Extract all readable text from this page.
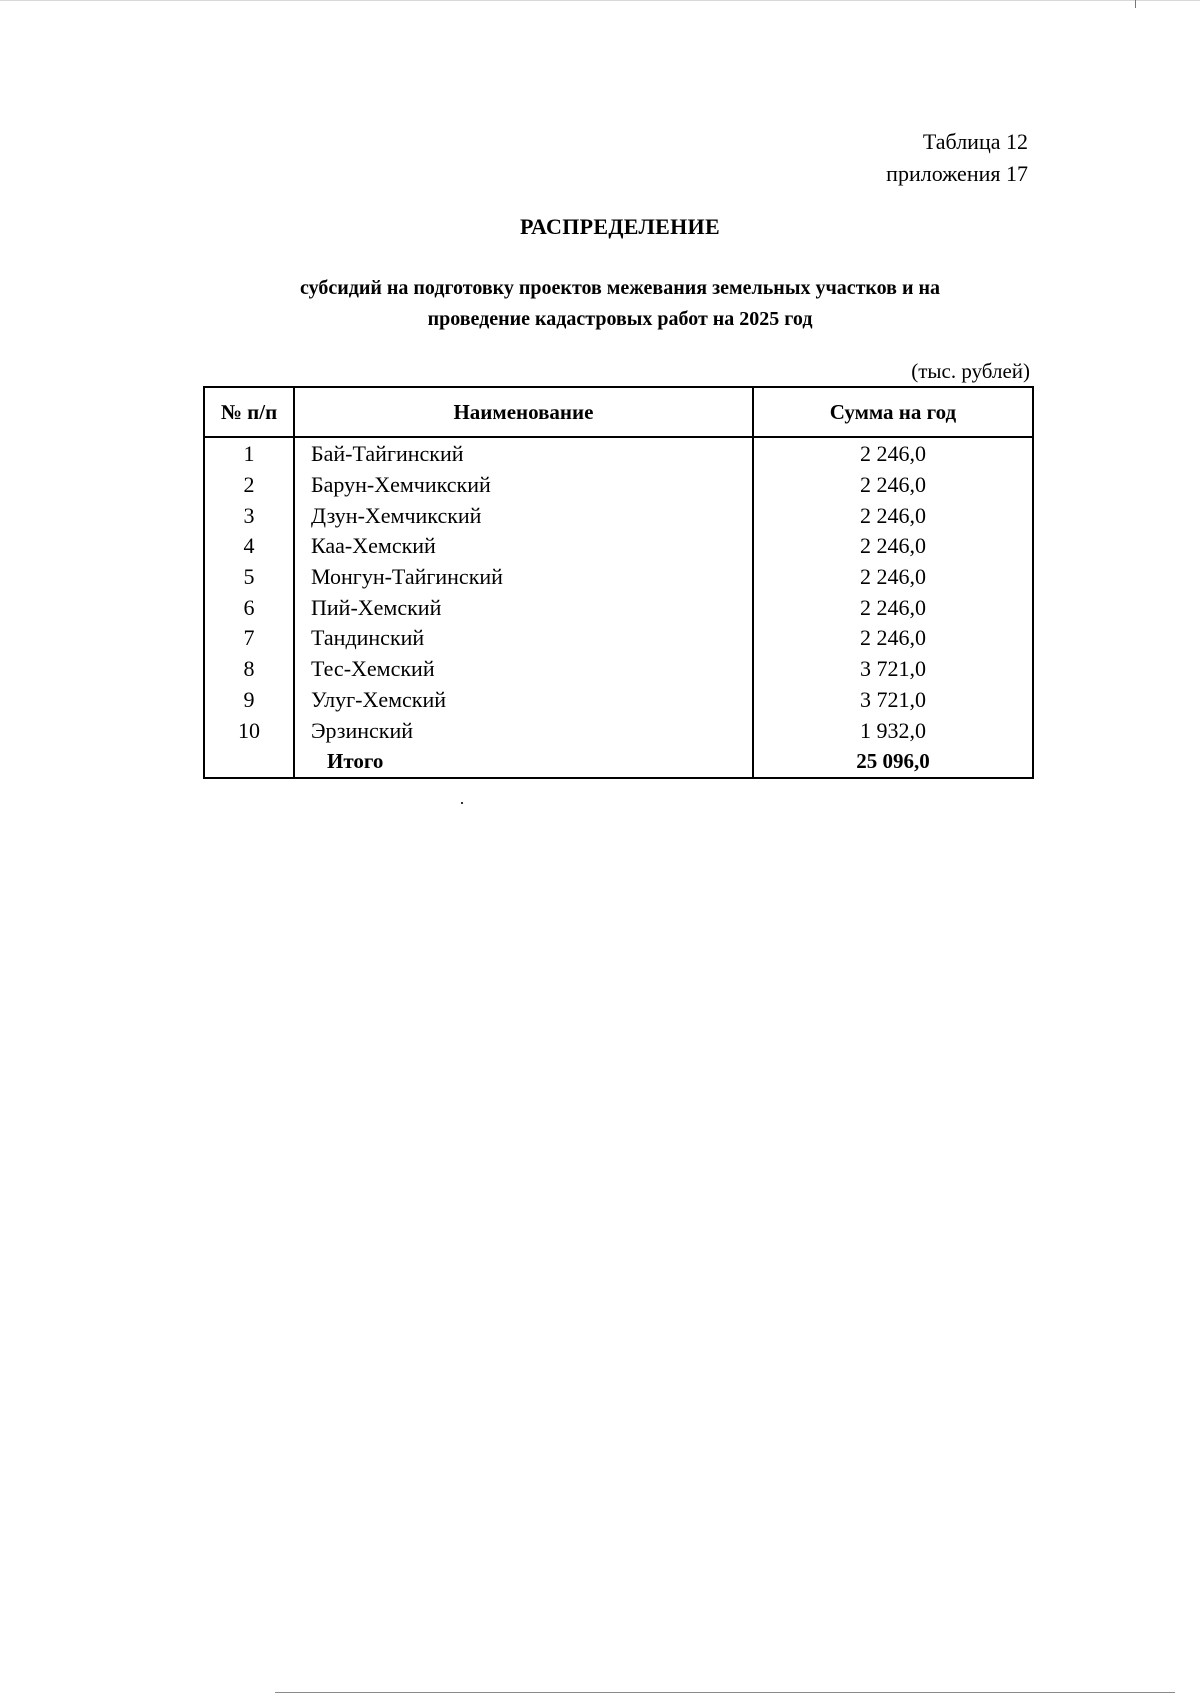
Таблица 12
приложения 17
РАСПРЕДЕЛЕНИЕ
субсидий на подготовку проектов межевания земельных участков и на
проведение кадастровых работ на 2025 год
(тыс. рублей)
№ п/п	Наименование	Сумма на год
1	Бай-Тайгинский	2 246,0
2	Барун-Хемчикский	2 246,0
3	Дзун-Хемчикский	2 246,0
4	Каа-Хемский	2 246,0
5	Монгун-Тайгинский	2 246,0
6	Пий-Хемский	2 246,0
7	Тандинский	2 246,0
8	Тес-Хемский	3 721,0
9	Улуг-Хемский	3 721,0
10	Эрзинский	1 932,0
	Итого	25 096,0
